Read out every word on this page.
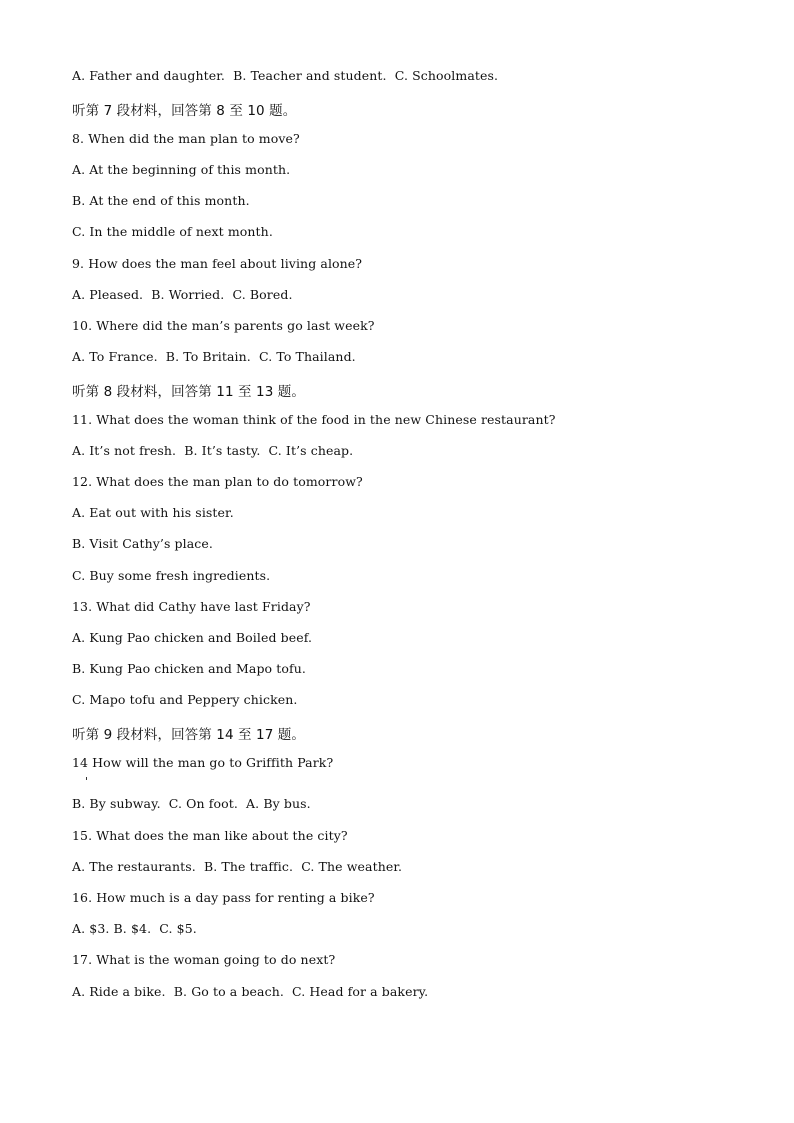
A. Father and daughter.  B. Teacher and student.  C. Schoolmates.
听第 7 段材料，回答第 8 至 10 题。
8. When did the man plan to move?
A. At the beginning of this month.
B. At the end of this month.
C. In the middle of next month.
9. How does the man feel about living alone?
A. Pleased.  B. Worried.  C. Bored.
10. Where did the man’s parents go last week?
A. To France.  B. To Britain.  C. To Thailand.
听第 8 段材料，回答第 11 至 13 题。
11. What does the woman think of the food in the new Chinese restaurant?
A. It’s not fresh.  B. It’s tasty.  C. It’s cheap.
12. What does the man plan to do tomorrow?
A. Eat out with his sister.
B. Visit Cathy’s place.
C. Buy some fresh ingredients.
13. What did Cathy have last Friday?
A. Kung Pao chicken and Boiled beef.
B. Kung Pao chicken and Mapo tofu.
C. Mapo tofu and Peppery chicken.
听第 9 段材料，回答第 14 至 17 题。
14 How will the man go to Griffith Park?
B. By subway.  C. On foot.  A. By bus.
15. What does the man like about the city?
A. The restaurants.  B. The traffic.  C. The weather.
16. How much is a day pass for renting a bike?
A. $3. B. $4.  C. $5.
17. What is the woman going to do next?
A. Ride a bike.  B. Go to a beach.  C. Head for a bakery.
